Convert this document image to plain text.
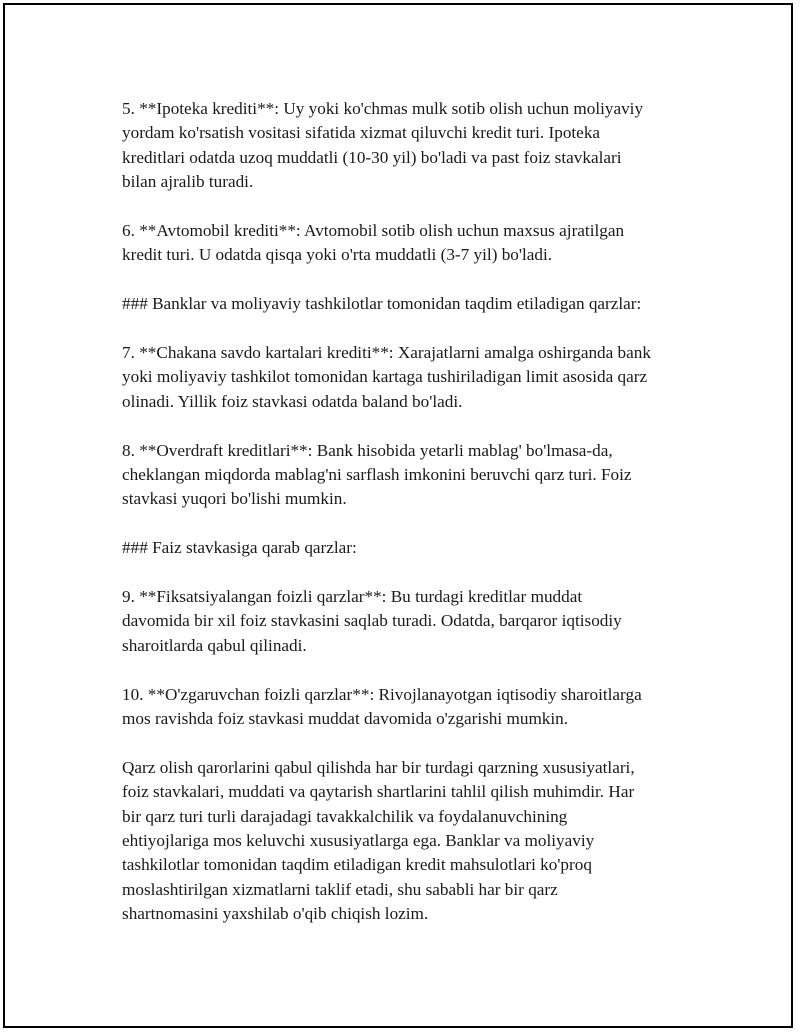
5. **Ipoteka krediti**: Uy yoki ko'chmas mulk sotib olish uchun moliyaviy
yordam ko'rsatish vositasi sifatida xizmat qiluvchi kredit turi. Ipoteka
kreditlari odatda uzoq muddatli (10-30 yil) bo'ladi va past foiz stavkalari
bilan ajralib turadi.

6. **Avtomobil krediti**: Avtomobil sotib olish uchun maxsus ajratilgan
kredit turi. U odatda qisqa yoki o'rta muddatli (3-7 yil) bo'ladi.

### Banklar va moliyaviy tashkilotlar tomonidan taqdim etiladigan qarzlar:

7. **Chakana savdo kartalari krediti**: Xarajatlarni amalga oshirganda bank
yoki moliyaviy tashkilot tomonidan kartaga tushiriladigan limit asosida qarz
olinadi. Yillik foiz stavkasi odatda baland bo'ladi.

8. **Overdraft kreditlari**: Bank hisobida yetarli mablag' bo'lmasa-da,
cheklangan miqdorda mablag'ni sarflash imkonini beruvchi qarz turi. Foiz
stavkasi yuqori bo'lishi mumkin.

### Faiz stavkasiga qarab qarzlar:

9. **Fiksatsiyalangan foizli qarzlar**: Bu turdagi kreditlar muddat
davomida bir xil foiz stavkasini saqlab turadi. Odatda, barqaror iqtisodiy
sharoitlarda qabul qilinadi.

10. **O'zgaruvchan foizli qarzlar**: Rivojlanayotgan iqtisodiy sharoitlarga
mos ravishda foiz stavkasi muddat davomida o'zgarishi mumkin.

Qarz olish qarorlarini qabul qilishda har bir turdagi qarzning xususiyatlari,
foiz stavkalari, muddati va qaytarish shartlarini tahlil qilish muhimdir. Har
bir qarz turi turli darajadagi tavakkalchilik va foydalanuvchining
ehtiyojlariga mos keluvchi xususiyatlarga ega. Banklar va moliyaviy
tashkilotlar tomonidan taqdim etiladigan kredit mahsulotlari ko'proq
moslashtirilgan xizmatlarni taklif etadi, shu sababli har bir qarz
shartnomasini yaxshilab o'qib chiqish lozim.
